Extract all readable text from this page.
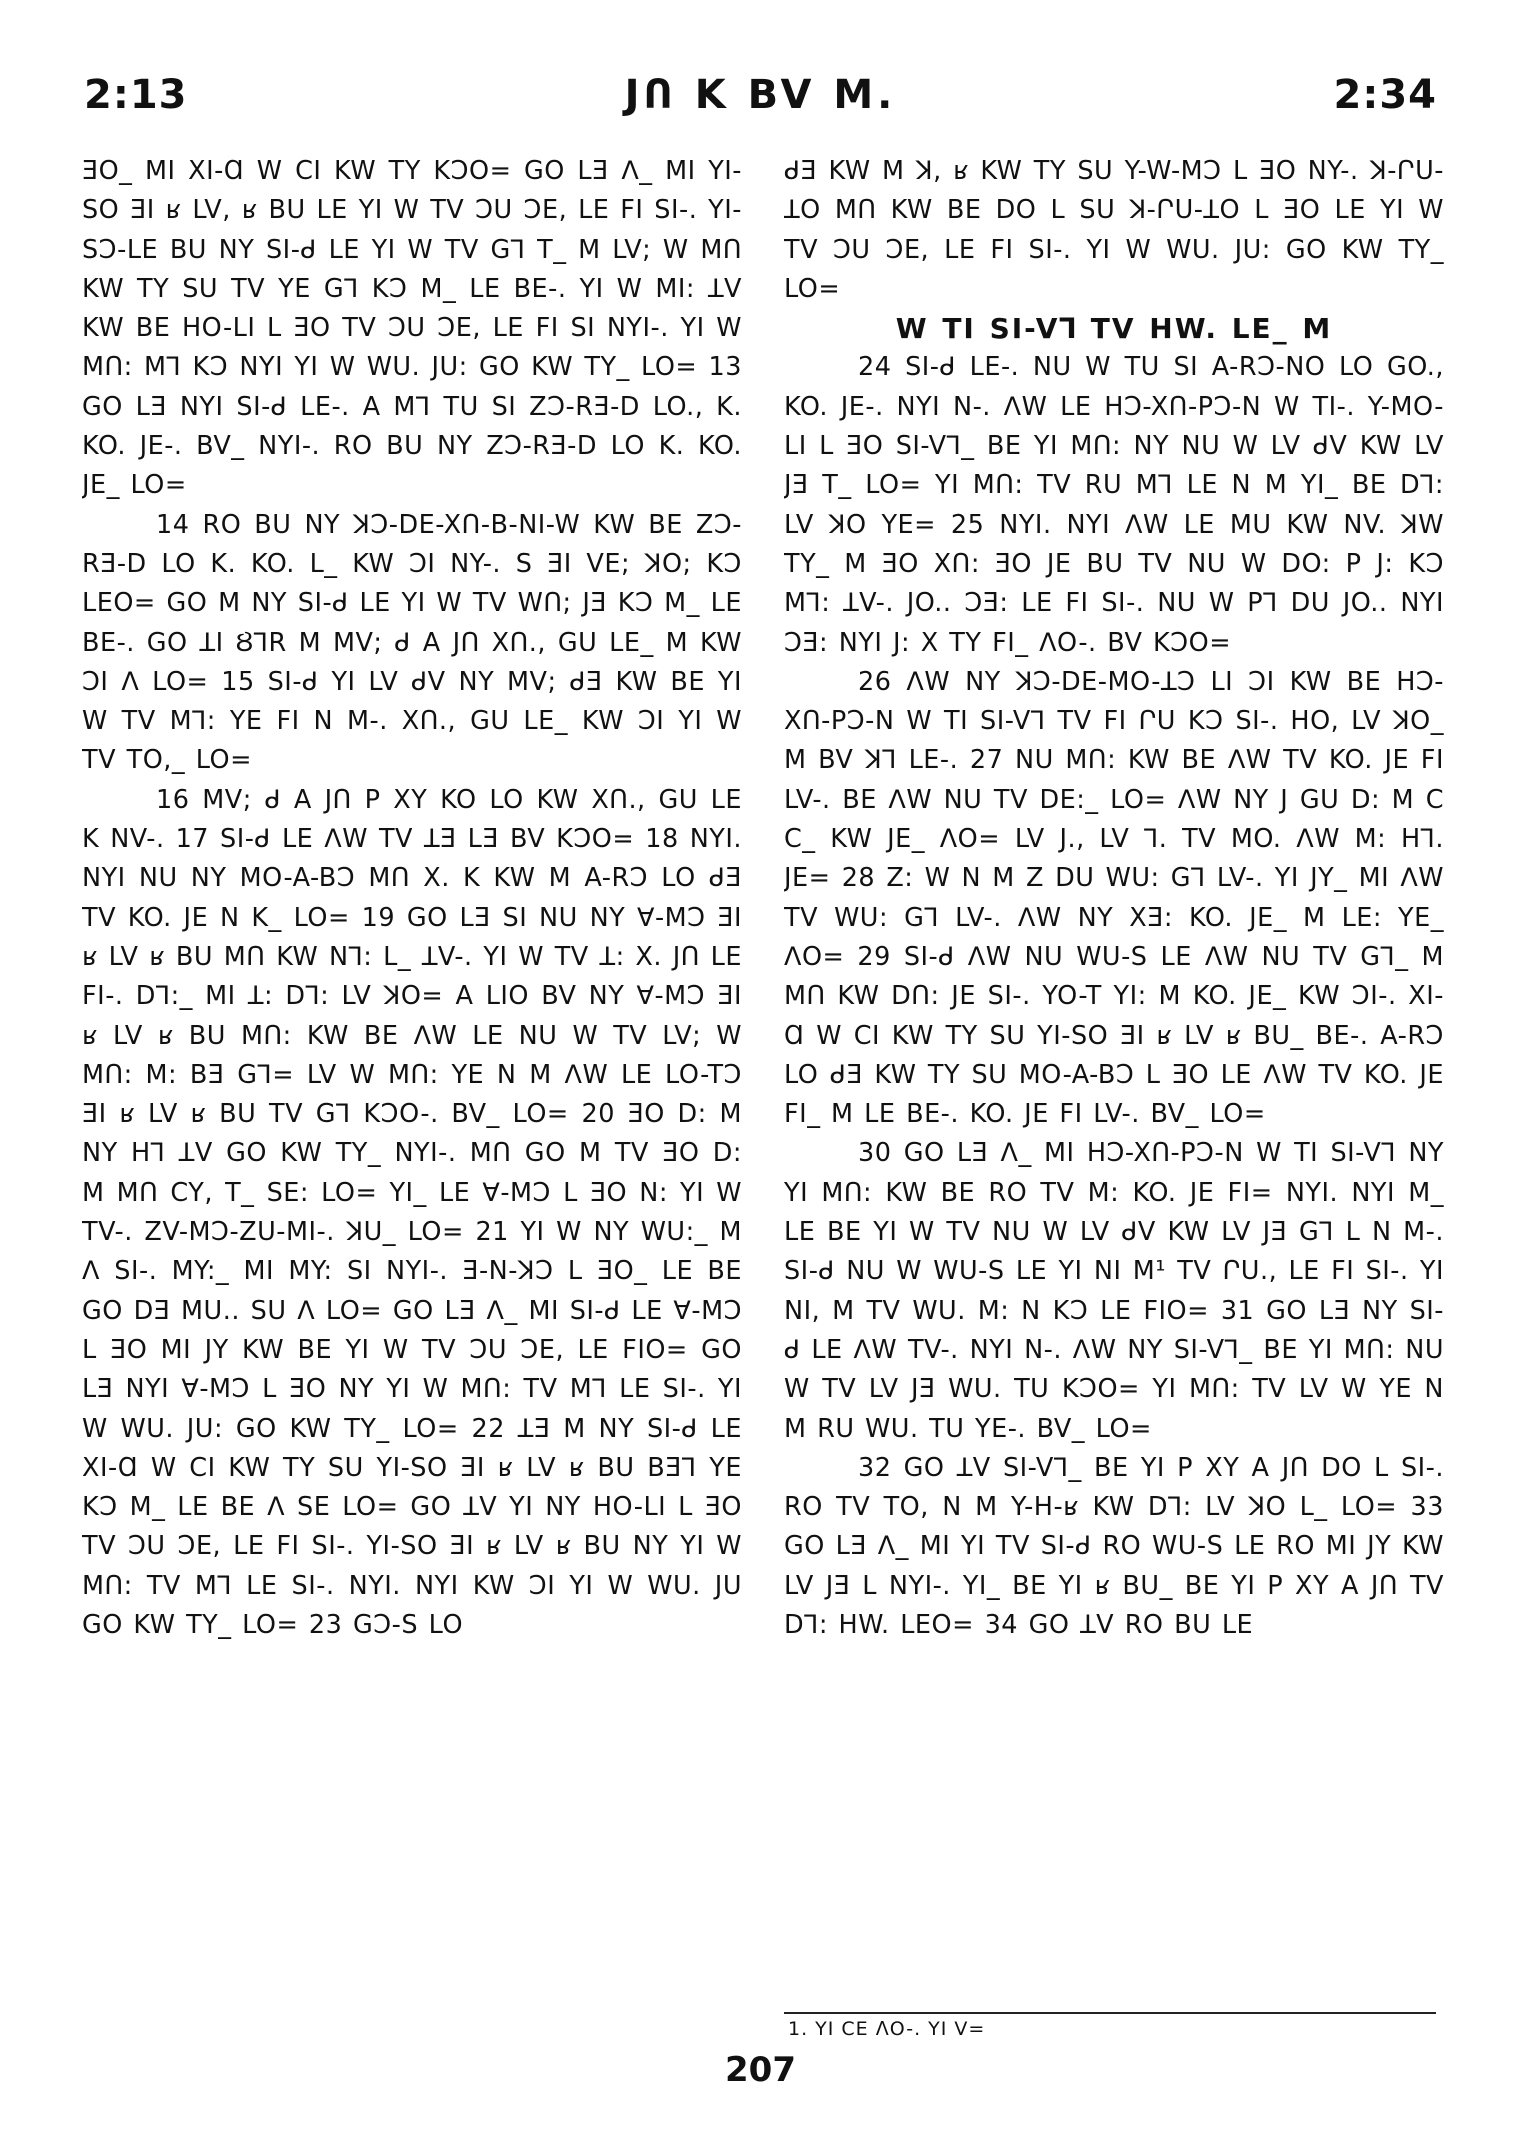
2:13	JՈ K BV M.	2:34

ƎO_ MI XI-Ɑ W CI KW TY KƆO= GO LƎ ᐱ_ MI YI-SO ƎI ʁ LV, ʁ BU LE YI W TV ƆU ƆE, LE FI SI-. YI-SƆ-LE BU NY SI-ᑯ LE YI W TV Gꓶ T_ M LV; W MՈ KW TY SU TV YE Gꓶ KƆ M_ LE BE-. YI W MI: ꓕV KW BE HO-LI L ƎO TV ƆU ƆE, LE FI SI NYI-. YI W MՈ: Mꓶ KƆ NYI YI W WU. JU: GO KW TY_ LO= 13 GO LƎ NYI SI-ᑯ LE-. A Mꓶ TU SI ZƆ-RƎ-D LO., K. KO. JE-. BV_ NYI-. RO BU NY ZƆ-RƎ-D LO K. KO. JE_ LO=

14 RO BU NY ꓘƆ-DE-XՈ-B-NI-W KW BE ZƆ-RƎ-D LO K. KO. L_ KW ƆI NY-. S ƎI VE; ꓘO; KƆ LEO= GO M NY SI-ᑯ LE YI W TV WՈ; JƎ KƆ M_ LE BE-. GO ꓕI ȢꓶR M MV; ᑯ A JՈ XՈ., GU LE_ M KW ƆI ᐱ LO= 15 SI-ᑯ YI LV ᑯV NY MV; ᑯƎ KW BE YI W TV Mꓶ: YE FI N M-. XՈ., GU LE_ KW ƆI YI W TV TO,_ LO=

16 MV; ᑯ A JՈ P XY KO LO KW XՈ., GU LE K NV-. 17 SI-ᑯ LE ᐱW TV ꓕƎ LƎ BV KƆO= 18 NYI. NYI NU NY MO-A-BƆ MՈ X. K KW M A-RƆ LO ᑯƎ TV KO. JE N K_ LO= 19 GO LƎ SI NU NY ꓯ-MƆ ƎI ʁ LV ʁ BU MՈ KW Nꓶ: L_ ꓕV-. YI W TV ꓕ: X. JՈ LE FI-. Dꓶ:_ MI ꓕ: Dꓶ: LV ꓘO= A LIO BV NY ꓯ-MƆ ƎI ʁ LV ʁ BU MՈ: KW BE ᐱW LE NU W TV LV; W MՈ: M: BƎ Gꓶ= LV W MՈ: YE N M ᐱW LE LO-TƆ ƎI ʁ LV ʁ BU TV Gꓶ KƆO-. BV_ LO= 20 ƎO D: M NY Hꓶ ꓕV GO KW TY_ NYI-. MՈ GO M TV ƎO D: M MՈ CY, T_ SE: LO= YI_ LE ꓯ-MƆ L ƎO N: YI W TV-. ZV-MƆ-ZU-MI-. ꓘU_ LO= 21 YI W NY WU:_ M ᐱ SI-. MY:_ MI MY: SI NYI-. Ǝ-N-ꓘƆ L ƎO_ LE BE GO DƎ MU.. SU ᐱ LO= GO LƎ ᐱ_ MI SI-ᑯ LE ꓯ-MƆ L ƎO MI JY KW BE YI W TV ƆU ƆE, LE FIO= GO LƎ NYI ꓯ-MƆ L ƎO NY YI W MՈ: TV Mꓶ LE SI-. YI W WU. JU: GO KW TY_ LO= 22 ꓕƎ M NY SI-ᑯ LE XI-Ɑ W CI KW TY SU YI-SO ƎI ʁ LV ʁ BU BƎꓶ YE KƆ M_ LE BE ᐱ SE LO= GO ꓕV YI NY HO-LI L ƎO TV ƆU ƆE, LE FI SI-. YI-SO ƎI ʁ LV ʁ BU NY YI W MՈ: TV Mꓶ LE SI-. NYI. NYI KW ƆI YI W WU. JU GO KW TY_ LO= 23 GƆ-S LO

ᑯƎ KW M ꓘ, ʁ KW TY SU Y-W-MƆ L ƎO NY-. ꓘ-ՐU-ꓕO MՈ KW BE DO L SU ꓘ-ՐU-ꓕO L ƎO LE YI W TV ƆU ƆE, LE FI SI-. YI W WU. JU: GO KW TY_ LO=

W TI SI-Vꓶ TV HW. LE_ M

24 SI-ᑯ LE-. NU W TU SI A-RƆ-NO LO GO., KO. JE-. NYI N-. ᐱW LE HƆ-XՈ-PƆ-N W TI-. Y-MO-LI L ƎO SI-Vꓶ_ BE YI MՈ: NY NU W LV ᑯV KW LV JƎ T_ LO= YI MՈ: TV RU Mꓶ LE N M YI_ BE Dꓶ: LV ꓘO YE= 25 NYI. NYI ᐱW LE MU KW NV. ꓘW TY_ M ƎO XՈ: ƎO JE BU TV NU W DO: P J: KƆ Mꓶ: ꓕV-. JO.. ƆƎ: LE FI SI-. NU W Pꓶ DU JO.. NYI ƆƎ: NYI J: X TY FI_ ᐱO-. BV KƆO=

26 ᐱW NY ꓘƆ-DE-MO-ꓕƆ LI ƆI KW BE HƆ-XՈ-PƆ-N W TI SI-Vꓶ TV FI ՐU KƆ SI-. HO, LV ꓘO_ M BV ꓘꓶ LE-. 27 NU MՈ: KW BE ᐱW TV KO. JE FI LV-. BE ᐱW NU TV DE:_ LO= ᐱW NY J GU D: M C C_ KW JE_ ᐱO= LV J., LV ꓶ. TV MO. ᐱW M: Hꓶ. JE= 28 Z: W N M Z DU WU: Gꓶ LV-. YI JY_ MI ᐱW TV WU: Gꓶ LV-. ᐱW NY XƎ: KO. JE_ M LE: YE_ ᐱO= 29 SI-ᑯ ᐱW NU WU-S LE ᐱW NU TV Gꓶ_ M MՈ KW DՈ: JE SI-. YO-T YI: M KO. JE_ KW ƆI-. XI-Ɑ W CI KW TY SU YI-SO ƎI ʁ LV ʁ BU_ BE-. A-RƆ LO ᑯƎ KW TY SU MO-A-BƆ L ƎO LE ᐱW TV KO. JE FI_ M LE BE-. KO. JE FI LV-. BV_ LO=

30 GO LƎ ᐱ_ MI HƆ-XՈ-PƆ-N W TI SI-Vꓶ NY YI MՈ: KW BE RO TV M: KO. JE FI= NYI. NYI M_ LE BE YI W TV NU W LV ᑯV KW LV JƎ Gꓶ L N M-. SI-ᑯ NU W WU-S LE YI NI M¹ TV ՐU., LE FI SI-. YI NI, M TV WU. M: N KƆ LE FIO= 31 GO LƎ NY SI-ᑯ LE ᐱW TV-. NYI N-. ᐱW NY SI-Vꓶ_ BE YI MՈ: NU W TV LV JƎ WU. TU KƆO= YI MՈ: TV LV W YE N M RU WU. TU YE-. BV_ LO=

32 GO ꓕV SI-Vꓶ_ BE YI P XY A JՈ DO L SI-. RO TV TO, N M Y-H-ʁ KW Dꓶ: LV ꓘO L_ LO= 33 GO LƎ ᐱ_ MI YI TV SI-ᑯ RO WU-S LE RO MI JY KW LV JƎ L NYI-. YI_ BE YI ʁ BU_ BE YI P XY A JՈ TV Dꓶ: HW. LEO= 34 GO ꓕV RO BU LE

1. YI CE ᐱO-. YI V=
207
